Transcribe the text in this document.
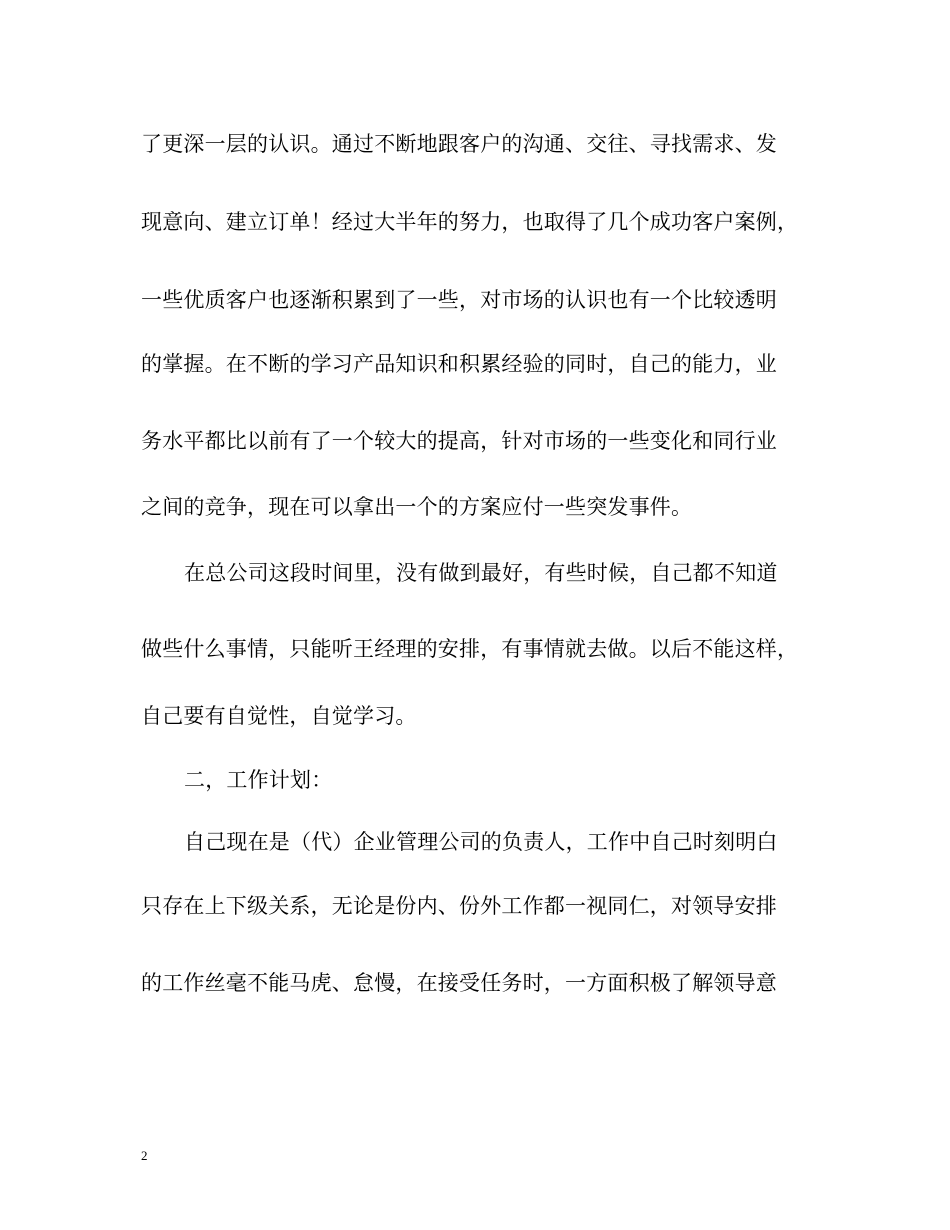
了更深一层的认识。通过不断地跟客户的沟通、交往、寻找需求、发
现意向、建立订单！经过大半年的努力，也取得了几个成功客户案例，
一些优质客户也逐渐积累到了一些，对市场的认识也有一个比较透明
的掌握。在不断的学习产品知识和积累经验的同时，自己的能力，业
务水平都比以前有了一个较大的提高，针对市场的一些变化和同行业
之间的竞争，现在可以拿出一个的方案应付一些突发事件。
在总公司这段时间里，没有做到最好，有些时候，自己都不知道
做些什么事情，只能听王经理的安排，有事情就去做。以后不能这样，
自己要有自觉性，自觉学习。
二，工作计划：
自己现在是（代）企业管理公司的负责人，工作中自己时刻明白
只存在上下级关系，无论是份内、份外工作都一视同仁，对领导安排
的工作丝毫不能马虎、怠慢，在接受任务时，一方面积极了解领导意
2
